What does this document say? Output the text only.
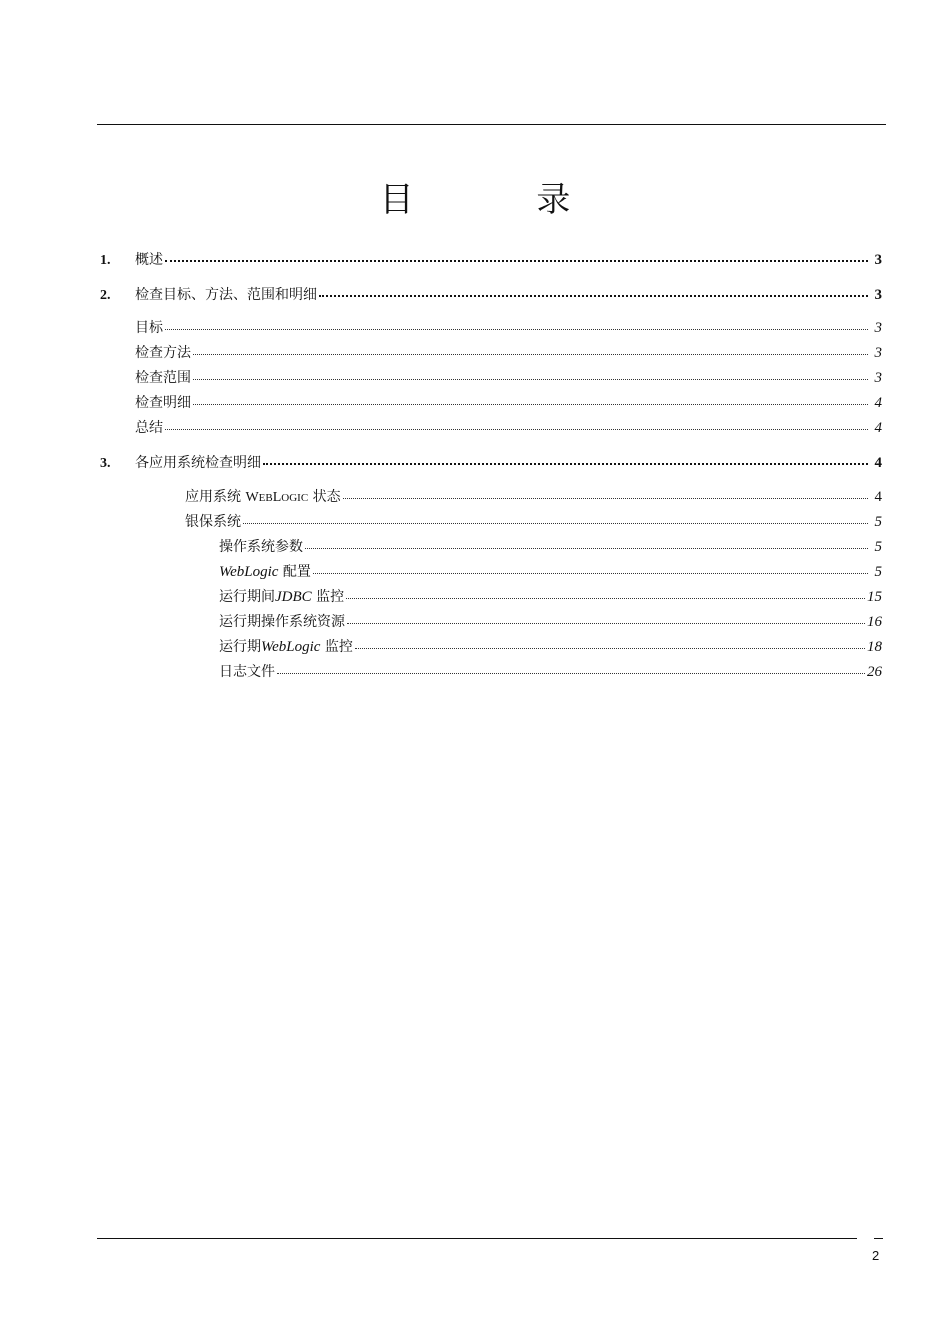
目 录
1.	概述	3
2.	检查目标、方法、范围和明细	3
目标	3
检查方法	3
检查范围	3
检查明细	4
总结	4
3.	各应用系统检查明细	4
应用系统 WEBLOGIC 状态	4
银保系统	5
操作系统参数	5
WebLogic 配置	5
运行期间JDBC 监控	15
运行期操作系统资源	16
运行期WebLogic 监控	18
日志文件	26
2
